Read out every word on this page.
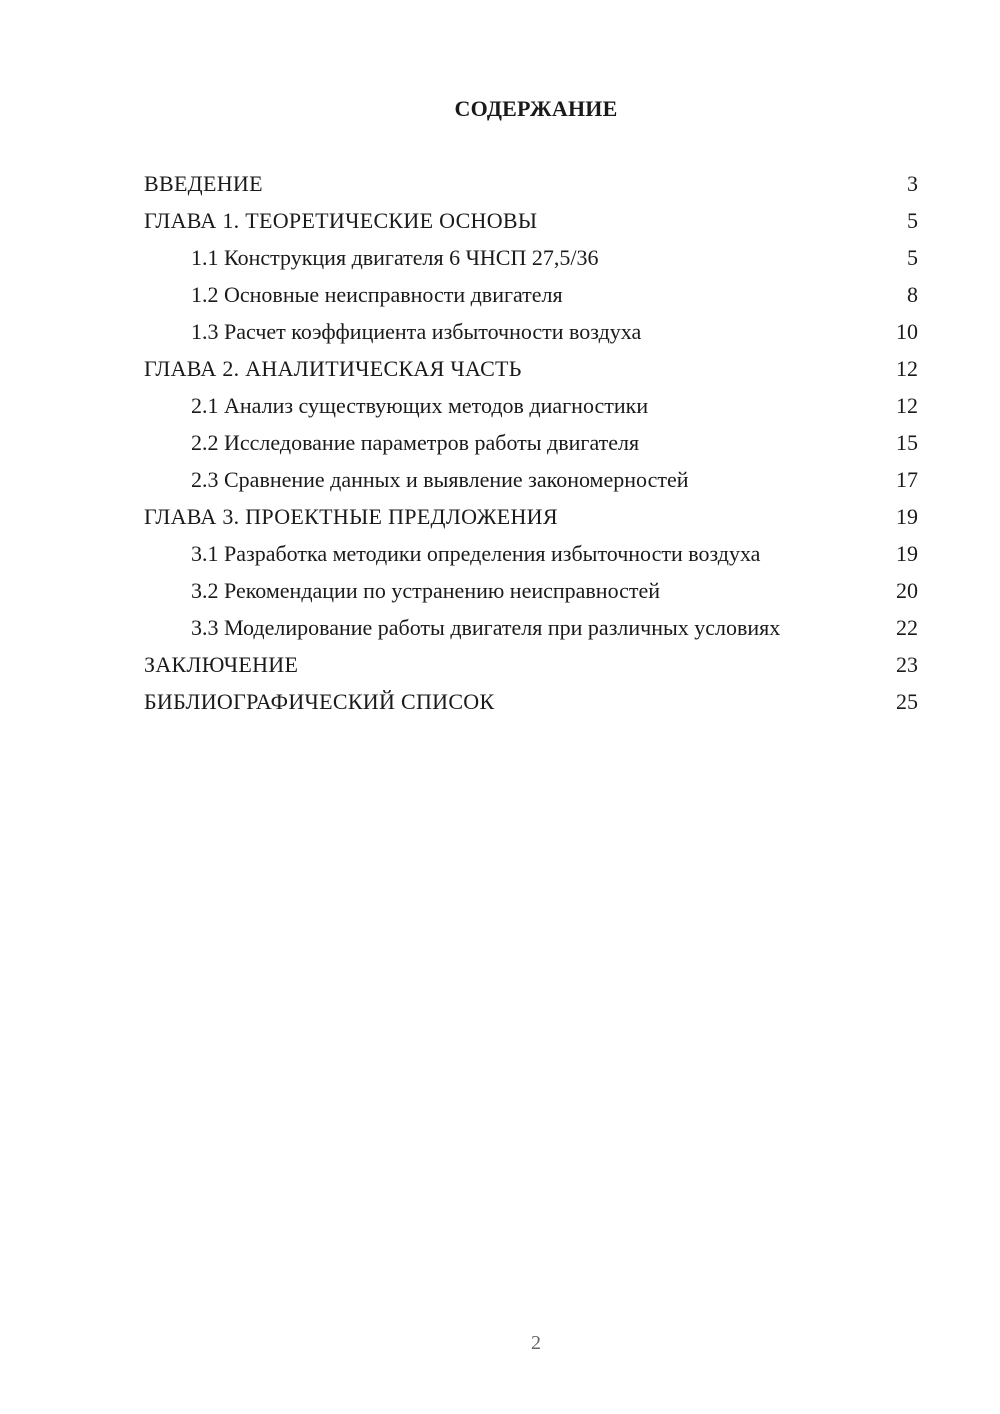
СОДЕРЖАНИЕ
ВВЕДЕНИЕ	3
ГЛАВА 1. ТЕОРЕТИЧЕСКИЕ ОСНОВЫ	5
1.1 Конструкция двигателя 6 ЧНСП 27,5/36	5
1.2 Основные неисправности двигателя	8
1.3 Расчет коэффициента избыточности воздуха	10
ГЛАВА 2. АНАЛИТИЧЕСКАЯ ЧАСТЬ	12
2.1 Анализ существующих методов диагностики	12
2.2 Исследование параметров работы двигателя	15
2.3 Сравнение данных и выявление закономерностей	17
ГЛАВА 3. ПРОЕКТНЫЕ ПРЕДЛОЖЕНИЯ	19
3.1 Разработка методики определения избыточности воздуха	19
3.2 Рекомендации по устранению неисправностей	20
3.3 Моделирование работы двигателя при различных условиях	22
ЗАКЛЮЧЕНИЕ	23
БИБЛИОГРАФИЧЕСКИЙ СПИСОК	25
2
